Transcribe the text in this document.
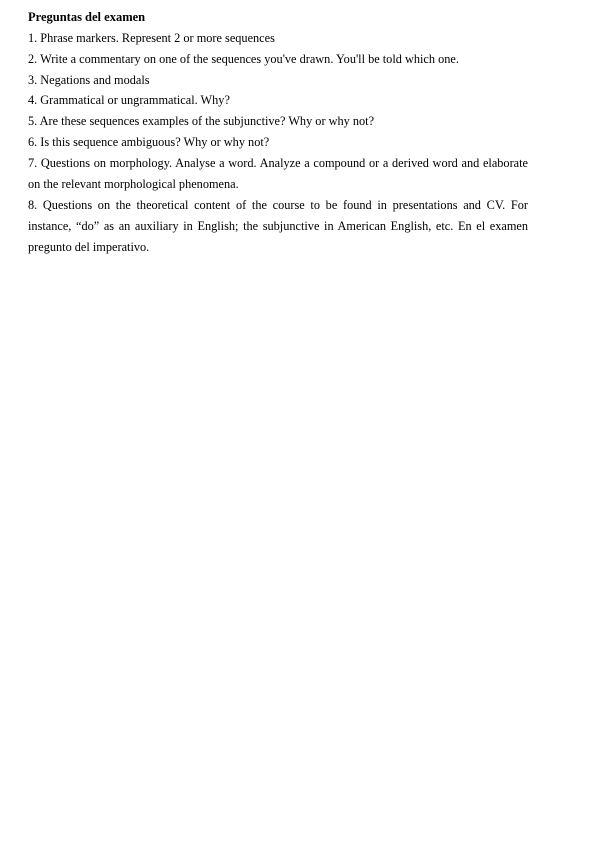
Preguntas del examen

1. Phrase markers. Represent 2 or more sequences

2. Write a commentary on one of the sequences you've drawn. You'll be told which one.

3. Negations and modals

4. Grammatical or ungrammatical. Why?

5. Are these sequences examples of the subjunctive? Why or why not?

6. Is this sequence ambiguous? Why or why not?

7. Questions on morphology. Analyse a word. Analyze a compound or a derived word and elaborate on the relevant morphological phenomena.

8. Questions on the theoretical content of the course to be found in presentations and CV. For instance, “do” as an auxiliary in English; the subjunctive in American English, etc. En el examen pregunto del imperativo.
